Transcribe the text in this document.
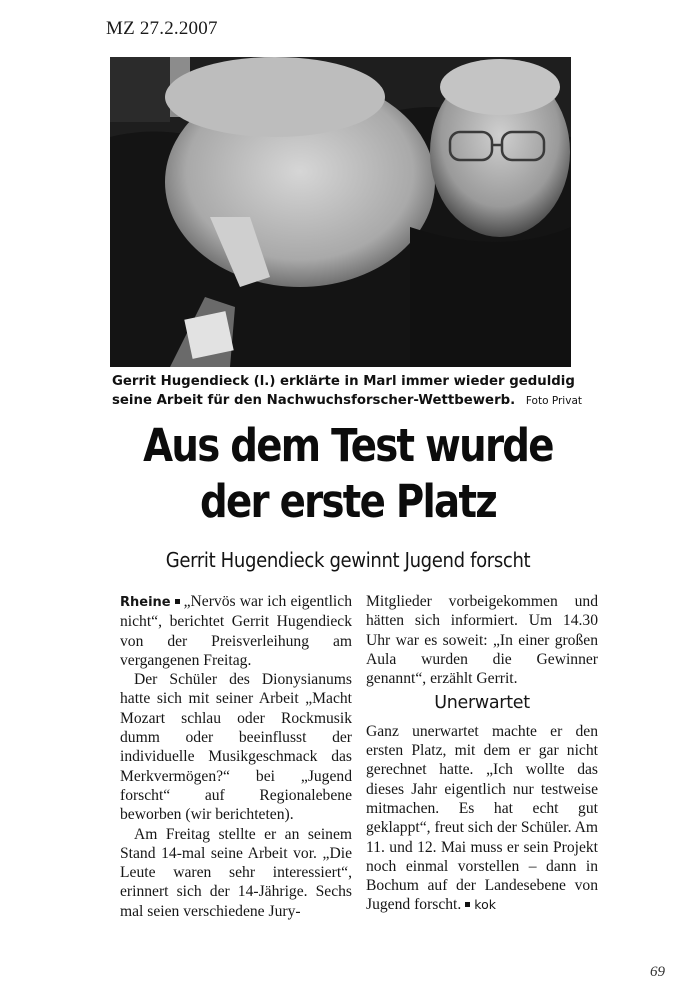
MZ 27.2.2007
Gerrit Hugendieck (l.) erklärte in Marl immer wieder geduldig seine Arbeit für den Nachwuchsforscher-Wettbewerb. Foto Privat
Aus dem Test wurde
der erste Platz
Gerrit Hugendieck gewinnt Jugend forscht

Rheine „Nervös war ich eigentlich nicht“, berichtet Gerrit Hugendieck von der Preisverleihung am vergangenen Freitag.

Der Schüler des Dionysianums hatte sich mit seiner Arbeit „Macht Mozart schlau oder Rockmusik dumm oder beeinflusst der individuelle Musikgeschmack das Merkvermögen?“ bei „Jugend forscht“ auf Regionalebene beworben (wir berichteten).

Am Freitag stellte er an seinem Stand 14-mal seine Arbeit vor. „Die Leute waren sehr interessiert“, erinnert sich der 14-Jährige. Sechs mal seien verschiedene Jury-

Mitglieder vorbeigekommen und hätten sich informiert. Um 14.30 Uhr war es soweit: „In einer großen Aula wurden die Gewinner genannt“, erzählt Gerrit.

Unerwartet

Ganz unerwartet machte er den ersten Platz, mit dem er gar nicht gerechnet hatte. „Ich wollte das dieses Jahr eigentlich nur testweise mitmachen. Es hat echt gut geklappt“, freut sich der Schüler. Am 11. und 12. Mai muss er sein Projekt noch einmal vorstellen – dann in Bochum auf der Landesebene von Jugend forscht. kok

69
